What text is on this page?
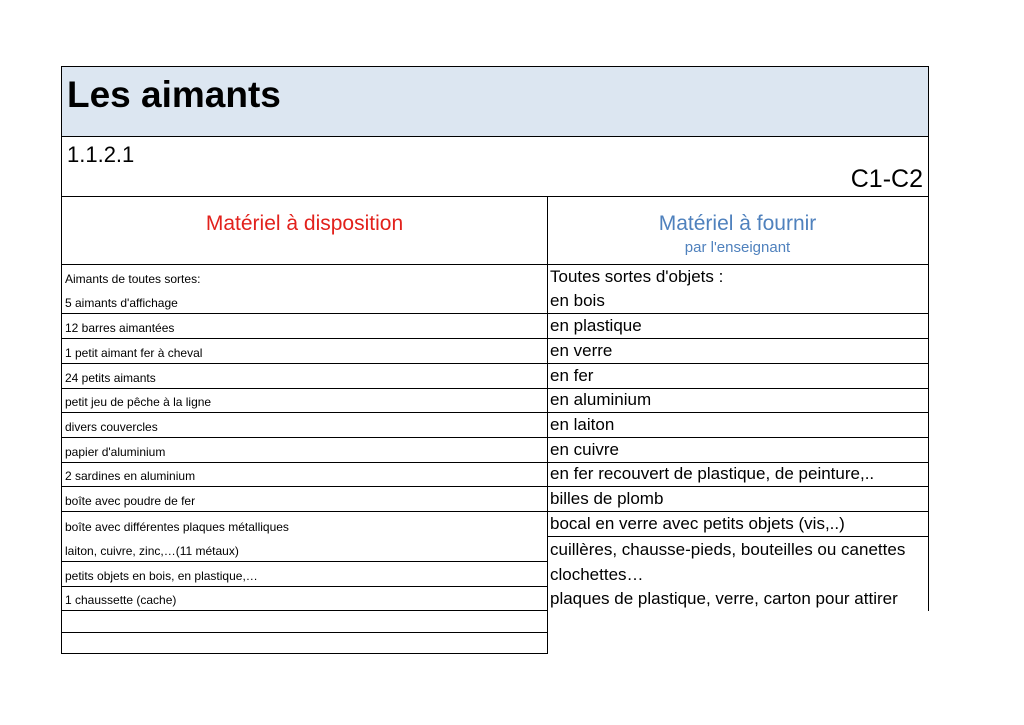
Les aimants
1.1.2.1
C1-C2
Matériel à disposition	Matériel à fournir
par l'enseignant
Aimants de toutes sortes:
5 aimants d'affichage
12 barres aimantées
1 petit aimant fer à cheval
24 petits aimants
petit jeu de pêche à la ligne
divers couvercles
papier d'aluminium
2 sardines en aluminium
boîte avec poudre de fer
boîte avec différentes plaques métalliques
laiton, cuivre, zinc,…(11 métaux)
petits objets en bois, en plastique,…
1 chaussette (cache)
Toutes sortes d'objets :
en bois
en plastique
en verre
en fer
en aluminium
en laiton
en cuivre
en fer recouvert de plastique, de peinture,..
billes de plomb
bocal en verre avec petits objets (vis,..)
cuillères, chausse-pieds, bouteilles ou canettes
clochettes…
plaques de plastique, verre, carton pour attirer
